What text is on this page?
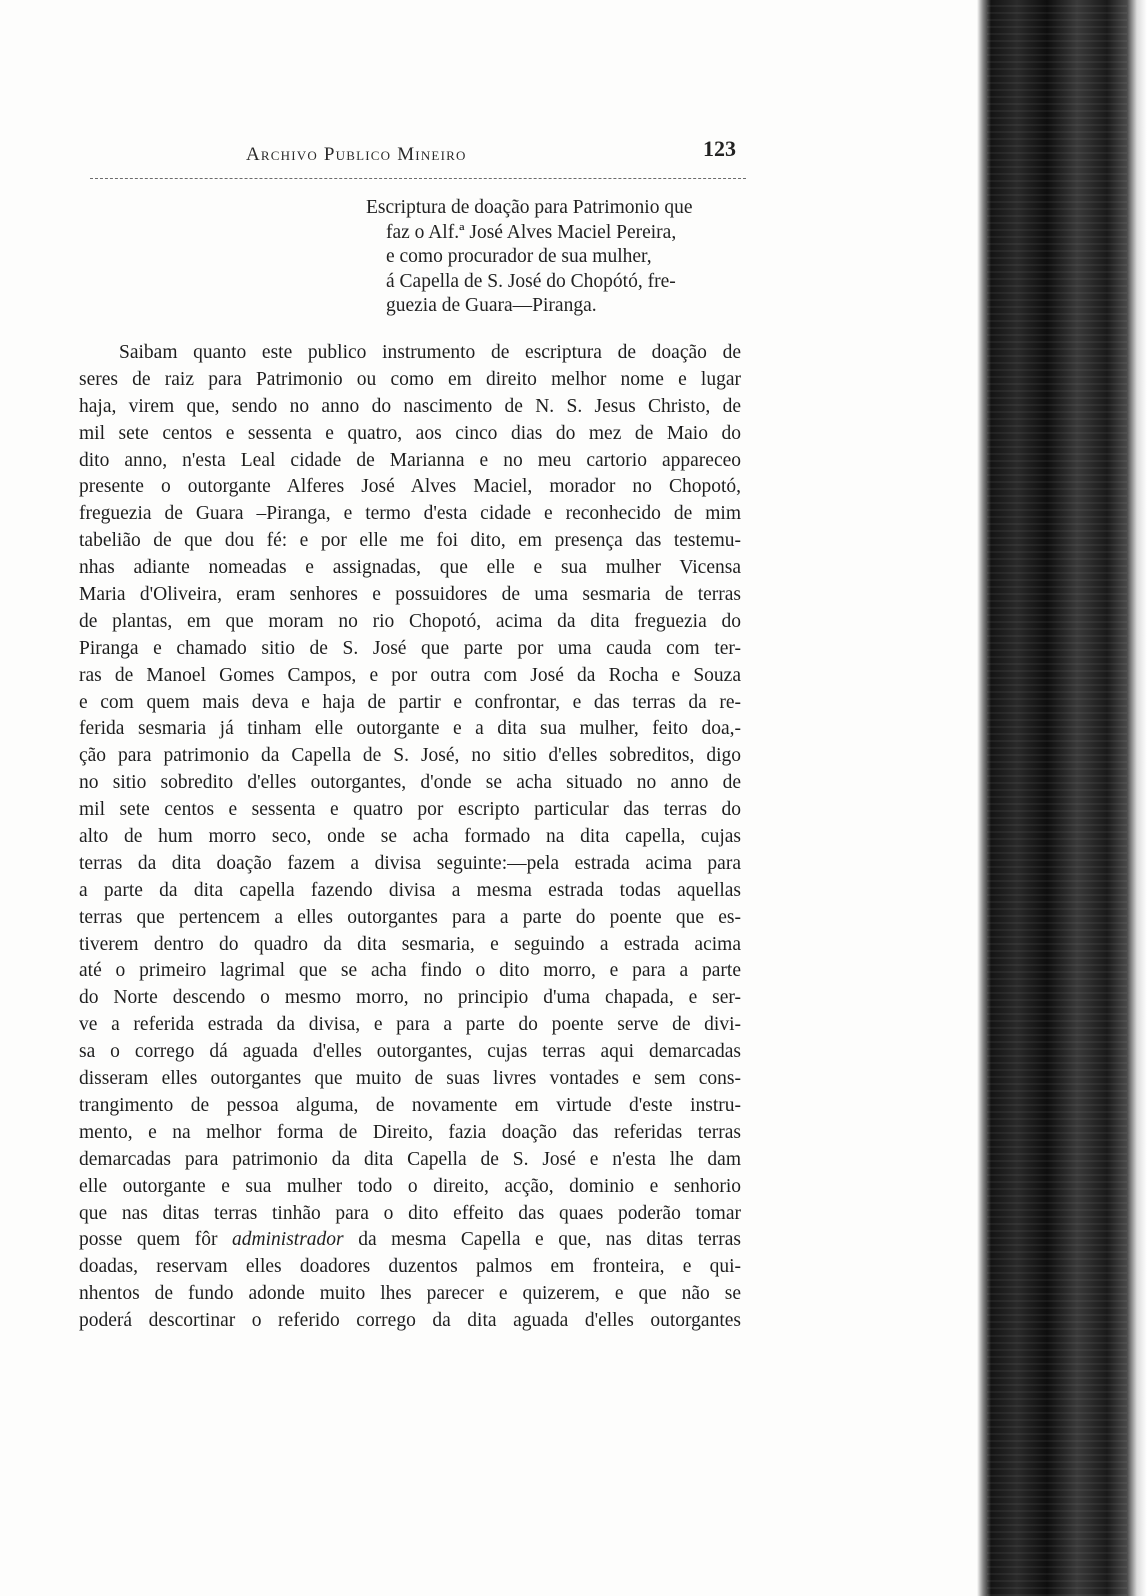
Archivo Publico Mineiro	123
Escriptura de doação para Patrimonio que
faz o Alf.ª José Alves Maciel Pereira,
e como procurador de sua mulher,
á Capella de S. José do Chopótó, fre-
guezia de Guara—Piranga.
Saibam quanto este publico instrumento de escriptura de doação de
seres de raiz para Patrimonio ou como em direito melhor nome e lugar
haja, virem que, sendo no anno do nascimento de N. S. Jesus Christo, de
mil sete centos e sessenta e quatro, aos cinco dias do mez de Maio do
dito anno, n'esta Leal cidade de Marianna e no meu cartorio appareceo
presente o outorgante Alferes José Alves Maciel, morador no Chopotó,
freguezia de Guara –Piranga, e termo d'esta cidade e reconhecido de mim
tabelião de que dou fé: e por elle me foi dito, em presença das testemu-
nhas adiante nomeadas e assignadas, que elle e sua mulher Vicensa
Maria d'Oliveira, eram senhores e possuidores de uma sesmaria de terras
de plantas, em que moram no rio Chopotó, acima da dita freguezia do
Piranga e chamado sitio de S. José que parte por uma cauda com ter-
ras de Manoel Gomes Campos, e por outra com José da Rocha e Souza
e com quem mais deva e haja de partir e confrontar, e das terras da re-
ferida sesmaria já tinham elle outorgante e a dita sua mulher, feito doa,-
ção para patrimonio da Capella de S. José, no sitio d'elles sobreditos, digo
no sitio sobredito d'elles outorgantes, d'onde se acha situado no anno de
mil sete centos e sessenta e quatro por escripto particular das terras do
alto de hum morro seco, onde se acha formado na dita capella, cujas
terras da dita doação fazem a divisa seguinte:—pela estrada acima para
a parte da dita capella fazendo divisa a mesma estrada todas aquellas
terras que pertencem a elles outorgantes para a parte do poente que es-
tiverem dentro do quadro da dita sesmaria, e seguindo a estrada acima
até o primeiro lagrimal que se acha findo o dito morro, e para a parte
do Norte descendo o mesmo morro, no principio d'uma chapada, e ser-
ve a referida estrada da divisa, e para a parte do poente serve de divi-
sa o corrego dá aguada d'elles outorgantes, cujas terras aqui demarcadas
disseram elles outorgantes que muito de suas livres vontades e sem cons-
trangimento de pessoa alguma, de novamente em virtude d'este instru-
mento, e na melhor forma de Direito, fazia doação das referidas terras
demarcadas para patrimonio da dita Capella de S. José e n'esta lhe dam
elle outorgante e sua mulher todo o direito, acção, dominio e senhorio
que nas ditas terras tinhão para o dito effeito das quaes poderão tomar
posse quem fôr administrador da mesma Capella e que, nas ditas terras
doadas, reservam elles doadores duzentos palmos em fronteira, e qui-
nhentos de fundo adonde muito lhes parecer e quizerem, e que não se
poderá descortinar o referido corrego da dita aguada d'elles outorgantes
